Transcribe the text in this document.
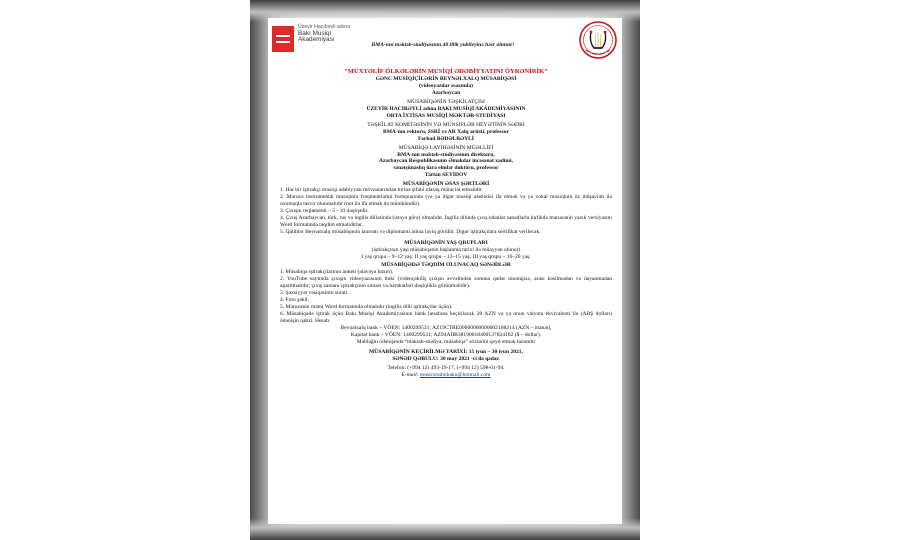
Üzeyir Hacıbəyli adına
Bakı Musiqi
Akademiyası
BMA-nın məktəb-studiyasının 40 illik yubileyinə həsr olunur!
“MÜXTƏLİF ÖLKƏLƏRİN MUSİQİ ƏDƏBİYYATINI ÖYRƏNİRİK”
GƏNC MUSİQİÇİLƏRİN BEYNƏLXALQ MÜSABİQƏSİ
(videoyazılar əsasında)
Azərbaycan
MÜSABİQƏNİN TƏŞKİLATÇISI
ÜZEYİR HACIBƏYLİ adına BAKI MUSİQİ AKADEMİYASININ
ORTA İXTİSAS MUSİQİ MƏKTƏB-STUDİYASI
TƏŞKİLAT KOMİTƏSİNİN VƏ MÜNSİFLƏR HEYƏTİNİN SƏDRİ
BMA-nın rektoru, SSRİ və AR Xalq artisti, professor
Fərhad BƏDƏLBƏYLİ
MÜSABİQƏ LAYİHƏSİNİN MÜƏLLİFİ
BMA-nın məktəb-studiyasının direktoru,
Azərbaycan Respublikasının Əməkdar incəsənət xadimi,
sənətşünaslıq üzrə elmlər doktoru, professor
Tərlan SEYİDOV
MÜSABİQƏNİN ƏSAS ŞƏRTLƏRİ
1. Hər bir iştirakçı musiqi ədəbiyyatı mövzularından birinə şifahi olaraq müraciət etməlidir.
2. Məruzə instrumental musiqinin fraqmentlərini fortepianoda (və ya digər musiqi alətində) ifa etmək və ya vokal musiqinin öz müşayiəti ilə oxumaqla təsvir olunmalıdır (not ilə ifa etmək də mümkündür).
3. Çıxışın reqlamenti – 5 - 10 dəqiqədir.
4. Çıxış Azərbaycan, türk, rus və ingilis dillərində (istəyə görə) olmalıdır. İngilis dilində çıxış edənlər sənədlərlə birlikdə məruzənin yazılı versiyasını Word formatında təqdim etməlidirlər.
5. Qaliblər Beynəlxalq müsabiqənin laureatı və diplomantı adına layiq görülür. Digər iştirakçılara sertifikat verilecək.
MÜSABİQƏNİN YAŞ QRUPLARI
(iştirakçının yaşı müsabiqənin başlanma tarixi ilə müəyyən olunur)
I yaş qrupu – 9–12 yaş; II yaş qrupu – 13–15 yaş; III yaş qrupu – 16–20 yaş.
MÜSABİQƏDƏ TƏQDİM OLUNACAQ SƏNƏDLƏR
1. Müsabiqə iştirakçılarının anketi (əlavəyə baxın).
2. YouTube saytında çıxışın videoyazısının linki (videoçəkiliş çıxışın əvvəlindən sonuna qədər montajsız, arası kəsilmədən və dayanmadan aparılmalıdır; çıxış zamanı iştirakçının siması və hərəkətləri dəqiqliklə görünməlidir).
3. Şəxsiyyət vəsiqəsinin surəti.
4. Foto şəkil.
5. Məruzənin mətni Word formatında olmalıdır (ingilis dilli iştirakçılar üçün).
6. Müsabiqədə iştirak üçün Bakı Musiqi Akademiyasının bank hesabına keçiriləcək 20 AZN və ya onun valyuta ekvivalenti ilə (ABŞ dolları) ödənişin qəbzi. Hesab:
Beynəlxalq bank – VÖEN: 1400299531; AZ19CTRE00000000000002168214 (AZN – manat),
Kapital bank – VÖEN: 1400299531; AZ94AIIB38190018400137824102 ($ – dollar).
Məbləğin ödənişində “məktəb-studiya, müsabiqə” sözlərini qeyd etmək lazımdır
MÜSABİQƏNİN KEÇİRİLMƏ TARİXİ: 15 iyun – 30 iyun 2021.
SƏNƏD QƏBULU: 30 may 2021 -ci ilə qədər.
Telefon: (+994 12) 493-19-17, (+994 12) 598-01-94.
E-mail: musicstudiobaku@hotmail.com
